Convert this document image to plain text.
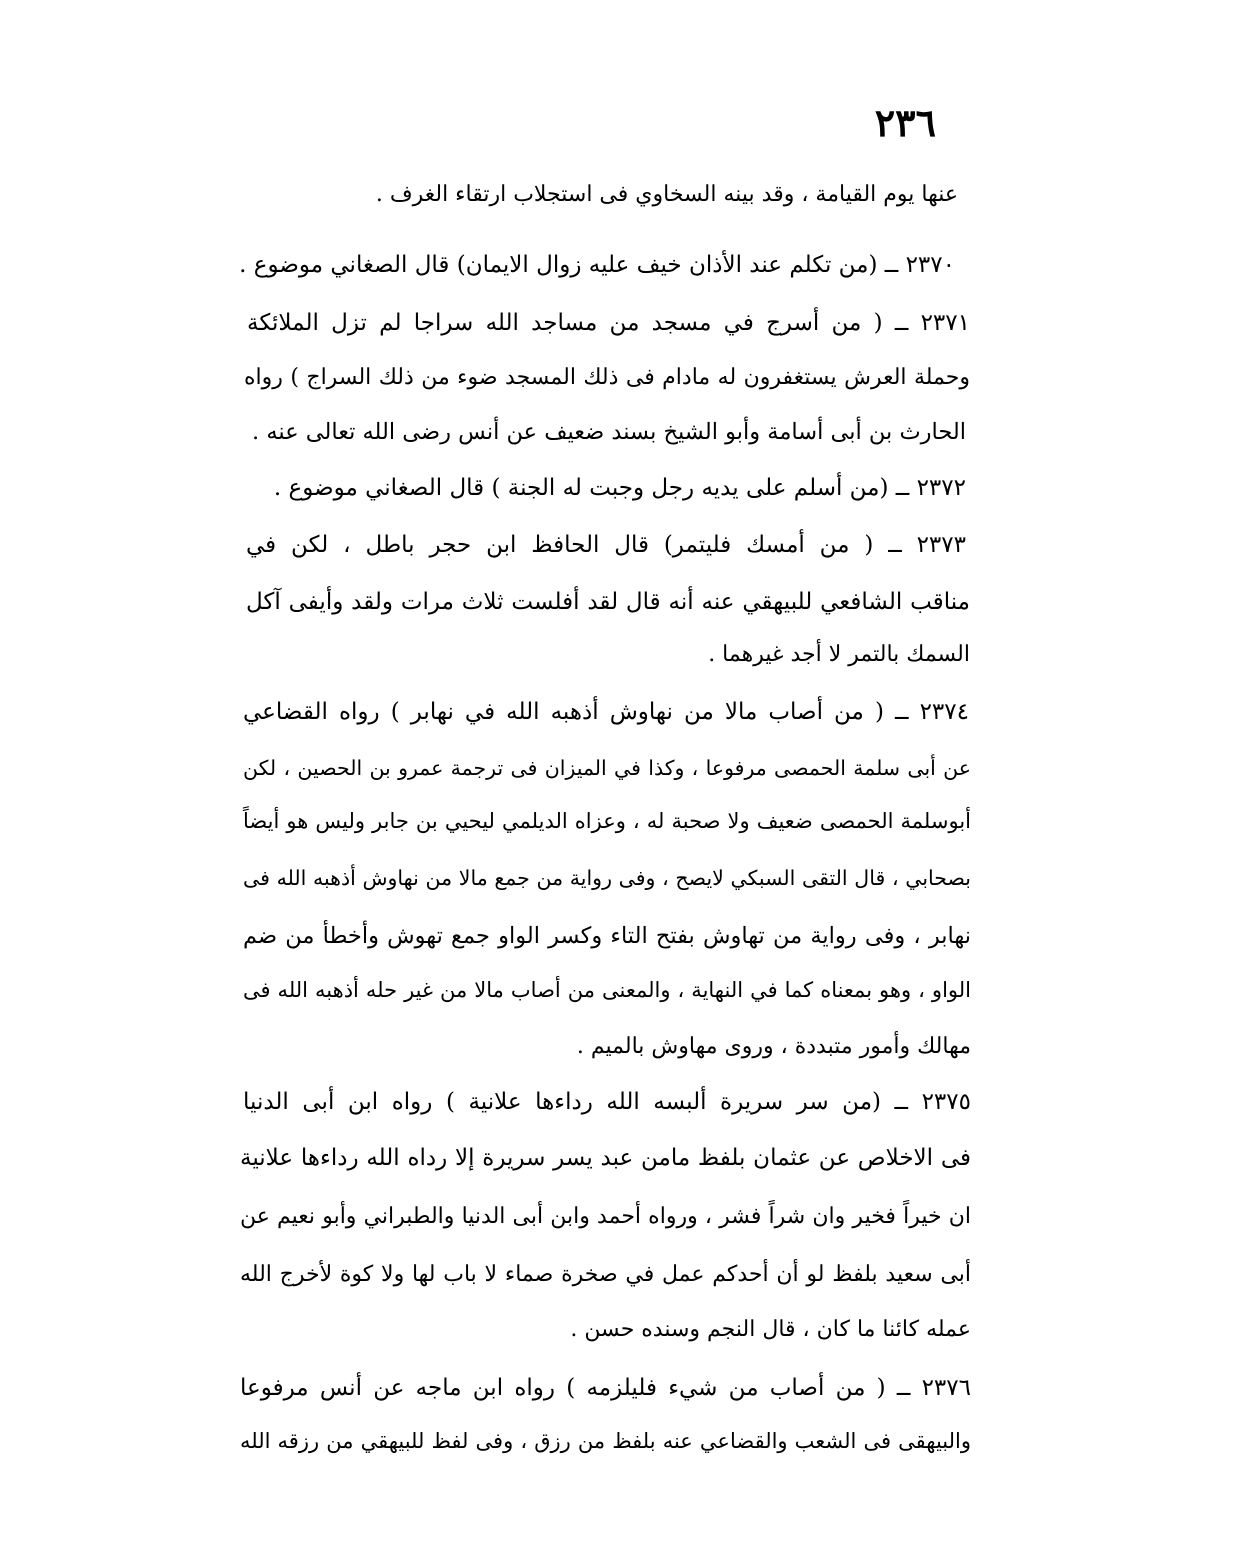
٢٣٦
عنها يوم القيامة ، وقد بينه السخاوي فى استجلاب ارتقاء الغرف .
٢٣٧٠ ــ (من تكلم عند الأذان خيف عليه زوال الايمان) قال الصغاني موضوع .
٢٣٧١ ــ ( من أسرج في مسجد من مساجد الله سراجا لم تزل الملائكة
وحملة العرش يستغفرون له مادام فى ذلك المسجد ضوء من ذلك السراج ) رواه
الحارث بن أبى أسامة وأبو الشيخ بسند ضعيف عن أنس رضى الله تعالى عنه .
٢٣٧٢ ــ (من أسلم على يديه رجل وجبت له الجنة ) قال الصغاني موضوع .
٢٣٧٣ ــ ( من أمسك فليتمر) قال الحافظ ابن حجر باطل ، لكن في
مناقب الشافعي للبيهقي عنه أنه قال لقد أفلست ثلاث مرات ولقد وأيفى آكل
السمك بالتمر لا أجد غيرهما .
٢٣٧٤ ــ ( من أصاب مالا من نهاوش أذهبه الله في نهابر ) رواه القضاعي
عن أبى سلمة الحمصى مرفوعا ، وكذا في الميزان فى ترجمة عمرو بن الحصين ، لكن
أبوسلمة الحمصى ضعيف ولا صحبة له ، وعزاه الديلمي ليحيي بن جابر وليس هو أيضاً
بصحابي ، قال التقى السبكي لايصح ، وفى رواية من جمع مالا من نهاوش أذهبه الله فى
نهابر ، وفى رواية من تهاوش بفتح التاء وكسر الواو جمع تهوش وأخطأ من ضم
الواو ، وهو بمعناه كما في النهاية ، والمعنى من أصاب مالا من غير حله أذهبه الله فى
مهالك وأمور متبددة ، وروى مهاوش بالميم .
٢٣٧٥ ــ (من سر سريرة ألبسه الله رداءها علانية ) رواه ابن أبى الدنيا
فى الاخلاص عن عثمان بلفظ مامن عبد يسر سريرة إلا رداه الله رداءها علانية
ان خيراً فخير وان شراً فشر ، ورواه أحمد وابن أبى الدنيا والطبراني وأبو نعيم عن
أبى سعيد بلفظ لو أن أحدكم عمل في صخرة صماء لا باب لها ولا كوة لأخرج الله
عمله كائنا ما كان ، قال النجم وسنده حسن .
٢٣٧٦ ــ ( من أصاب من شيء فليلزمه ) رواه ابن ماجه عن أنس مرفوعا
والبيهقى فى الشعب والقضاعي عنه بلفظ من رزق ، وفى لفظ للبيهقي من رزقه الله
